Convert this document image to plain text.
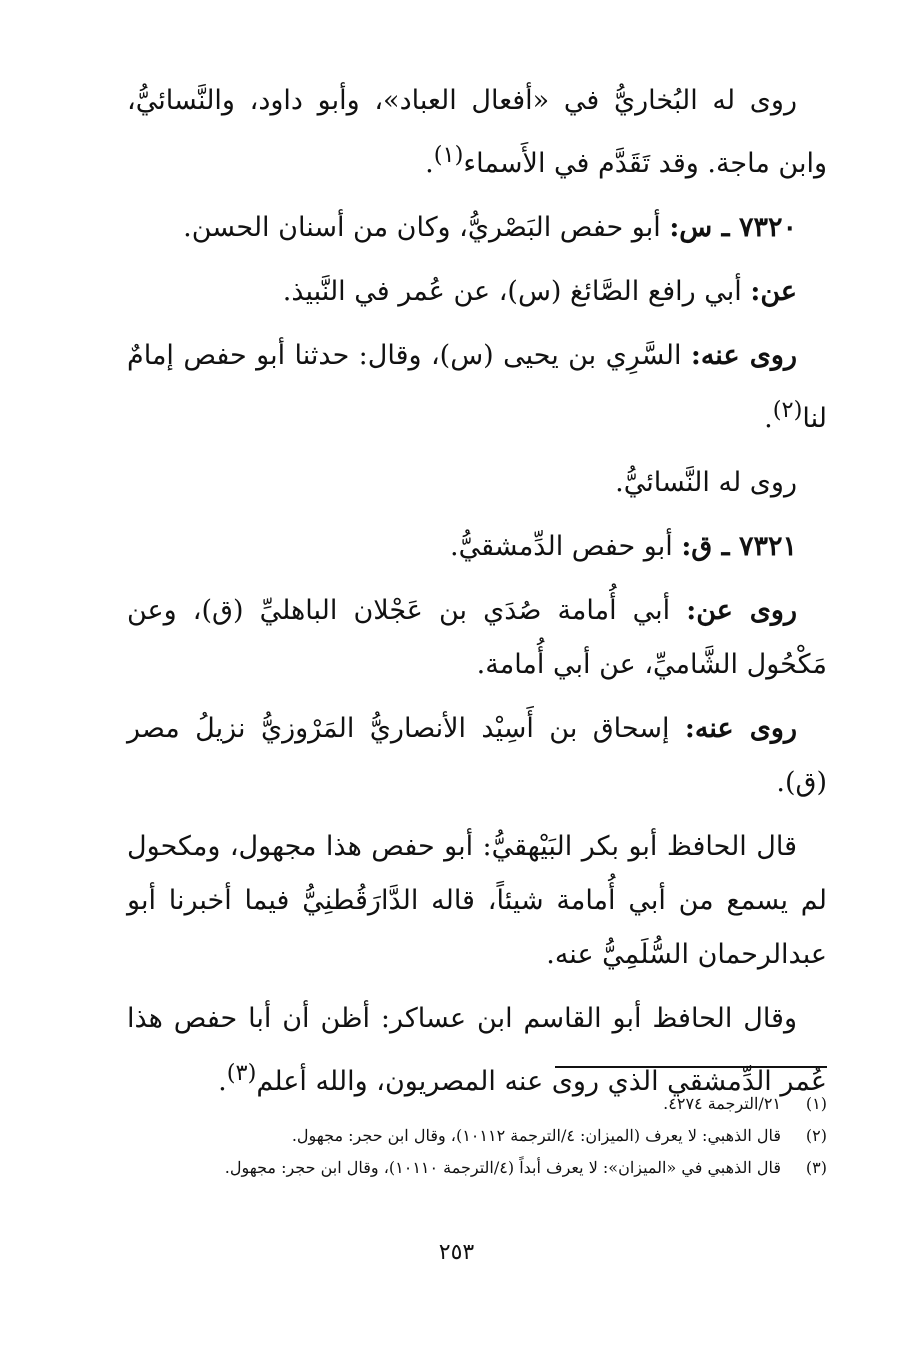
روى له البُخاريُّ في «أفعال العباد»، وأبو داود، والنَّسائيُّ، وابن ماجة. وقد تَقَدَّم في الأَسماء$^{(١)}$.

٧٣٢٠ ـ س: أبو حفص البَصْريُّ، وكان من أسنان الحسن.

عن: أبي رافع الصَّائغ (س)، عن عُمر في النَّبيذ.

روى عنه: السَّرِي بن يحيى (س)، وقال: حدثنا أبو حفص إمامٌ لنا$^{(٢)}$.

روى له النَّسائيُّ.

٧٣٢١ ـ ق: أبو حفص الدِّمشقيُّ.

روى عن: أبي أُمامة صُدَي بن عَجْلان الباهليِّ (ق)، وعن مَكْحُول الشَّاميِّ، عن أبي أُمامة.

روى عنه: إسحاق بن أَسِيْد الأنصاريُّ المَرْوزيُّ نزيلُ مصر (ق).

قال الحافظ أبو بكر البَيْهقيُّ: أبو حفص هذا مجهول، ومكحول لم يسمع من أبي أُمامة شيئاً، قاله الدَّارَقُطنِيُّ فيما أخبرنا أبو عبدالرحمان السُّلَمِيُّ عنه.

وقال الحافظ أبو القاسم ابن عساكر: أظن أن أبا حفص هذا عُمر الدِّمشقي الذي روى عنه المصريون، والله أعلم$^{(٣)}$.

(١)
٢١/الترجمة ٤٢٧٤.
(٢)
قال الذهبي: لا يعرف (الميزان: ٤/الترجمة ١٠١١٢)، وقال ابن حجر: مجهول.
(٣)
قال الذهبي في «الميزان»: لا يعرف أبداً (٤/الترجمة ١٠١١٠)، وقال ابن حجر: مجهول.
٢٥٣
